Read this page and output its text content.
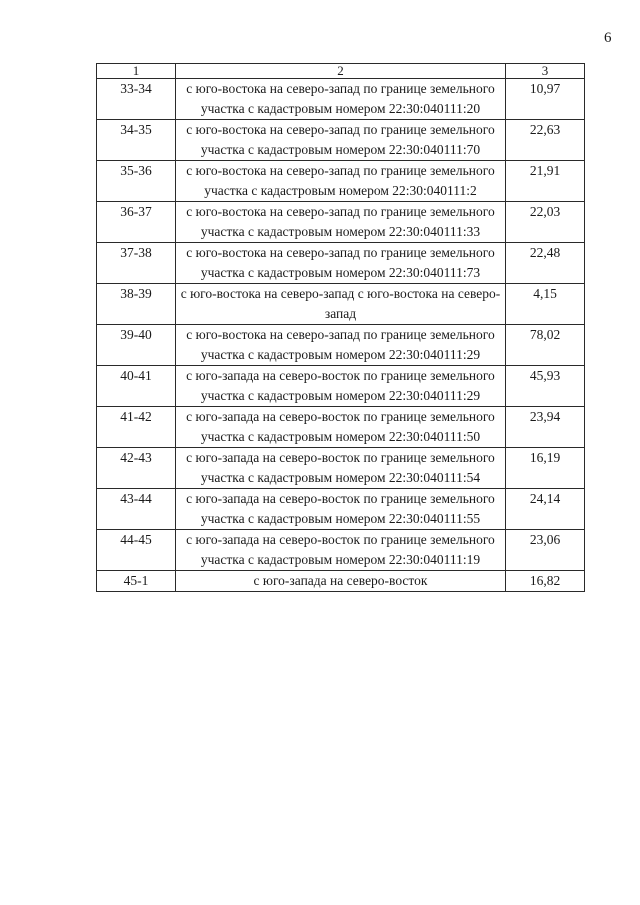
6
1	2	3
33-34	с юго-востока на северо-запад по границе земельного участка с кадастровым номером 22:30:040111:20	10,97
34-35	с юго-востока на северо-запад по границе земельного участка с кадастровым номером 22:30:040111:70	22,63
35-36	с юго-востока на северо-запад по границе земельного участка с кадастровым номером 22:30:040111:2	21,91
36-37	с юго-востока на северо-запад по границе земельного участка с кадастровым номером 22:30:040111:33	22,03
37-38	с юго-востока на северо-запад по границе земельного участка с кадастровым номером 22:30:040111:73	22,48
38-39	с юго-востока на северо-запад с юго-востока на северо-запад	4,15
39-40	с юго-востока на северо-запад по границе земельного участка с кадастровым номером 22:30:040111:29	78,02
40-41	с юго-запада на северо-восток по границе земельного участка с кадастровым номером 22:30:040111:29	45,93
41-42	с юго-запада на северо-восток по границе земельного участка с кадастровым номером 22:30:040111:50	23,94
42-43	с юго-запада на северо-восток по границе земельного участка с кадастровым номером 22:30:040111:54	16,19
43-44	с юго-запада на северо-восток по границе земельного участка с кадастровым номером 22:30:040111:55	24,14
44-45	с юго-запада на северо-восток по границе земельного участка с кадастровым номером 22:30:040111:19	23,06
45-1	с юго-запада на северо-восток	16,82
